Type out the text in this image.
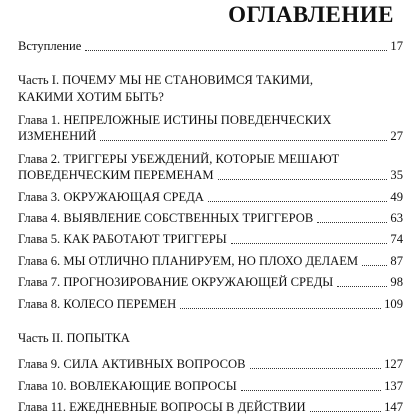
ОГЛАВЛЕНИЕ
Вступление	17
Часть I. ПОЧЕМУ МЫ НЕ СТАНОВИМСЯ ТАКИМИ,
КАКИМИ ХОТИМ БЫТЬ?
Глава 1. НЕПРЕЛОЖНЫЕ ИСТИНЫ ПОВЕДЕНЧЕСКИХ
ИЗМЕНЕНИЙ	27
Глава 2. ТРИГГЕРЫ УБЕЖДЕНИЙ, КОТОРЫЕ МЕШАЮТ
ПОВЕДЕНЧЕСКИМ ПЕРЕМЕНАМ	35
Глава 3. ОКРУЖАЮЩАЯ СРЕДА	49
Глава 4. ВЫЯВЛЕНИЕ СОБСТВЕННЫХ ТРИГГЕРОВ	63
Глава 5. КАК РАБОТАЮТ ТРИГГЕРЫ	74
Глава 6. МЫ ОТЛИЧНО ПЛАНИРУЕМ, НО ПЛОХО ДЕЛАЕМ	87
Глава 7. ПРОГНОЗИРОВАНИЕ ОКРУЖАЮЩЕЙ СРЕДЫ	98
Глава 8. КОЛЕСО ПЕРЕМЕН	109
Часть II. ПОПЫТКА
Глава 9. СИЛА АКТИВНЫХ ВОПРОСОВ	127
Глава 10. ВОВЛЕКАЮЩИЕ ВОПРОСЫ	137
Глава 11. ЕЖЕДНЕВНЫЕ ВОПРОСЫ В ДЕЙСТВИИ	147
